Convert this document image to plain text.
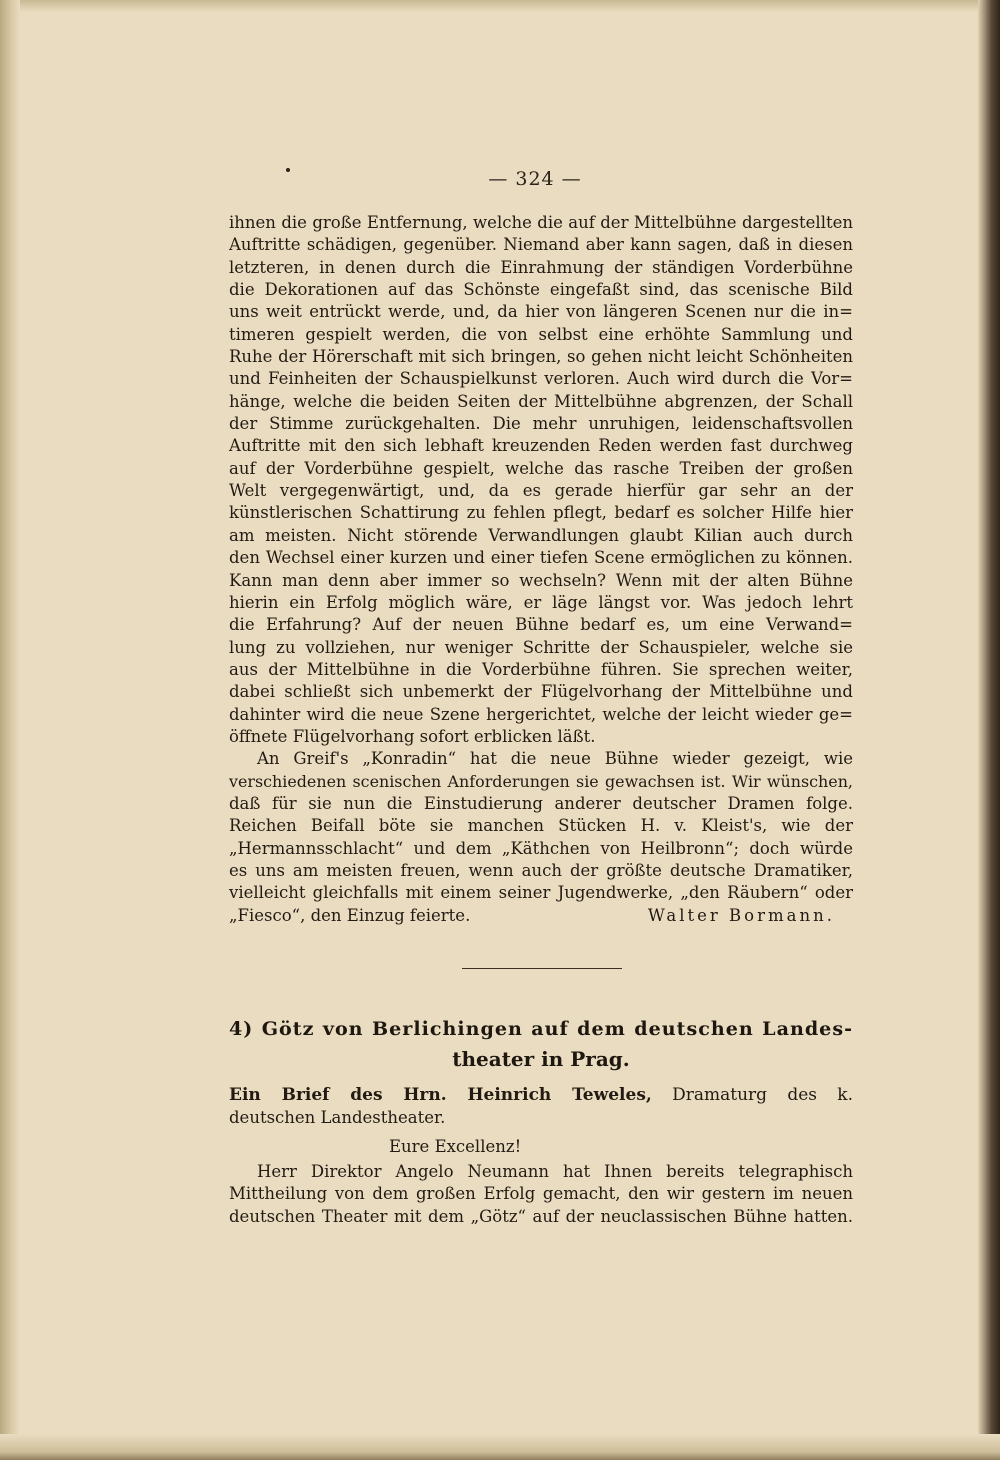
— 324 —
ihnen die große Entfernung, welche die auf der Mittelbühne dargestellten
Auftritte schädigen, gegenüber. Niemand aber kann sagen, daß in diesen
letzteren, in denen durch die Einrahmung der ständigen Vorderbühne
die Dekorationen auf das Schönste eingefaßt sind, das scenische Bild
uns weit entrückt werde, und, da hier von längeren Scenen nur die in=
timeren gespielt werden, die von selbst eine erhöhte Sammlung und
Ruhe der Hörerschaft mit sich bringen, so gehen nicht leicht Schönheiten
und Feinheiten der Schauspielkunst verloren. Auch wird durch die Vor=
hänge, welche die beiden Seiten der Mittelbühne abgrenzen, der Schall
der Stimme zurückgehalten. Die mehr unruhigen, leidenschaftsvollen
Auftritte mit den sich lebhaft kreuzenden Reden werden fast durchweg
auf der Vorderbühne gespielt, welche das rasche Treiben der großen
Welt vergegenwärtigt, und, da es gerade hierfür gar sehr an der
künstlerischen Schattirung zu fehlen pflegt, bedarf es solcher Hilfe hier
am meisten. Nicht störende Verwandlungen glaubt Kilian auch durch
den Wechsel einer kurzen und einer tiefen Scene ermöglichen zu können.
Kann man denn aber immer so wechseln? Wenn mit der alten Bühne
hierin ein Erfolg möglich wäre, er läge längst vor. Was jedoch lehrt
die Erfahrung? Auf der neuen Bühne bedarf es, um eine Verwand=
lung zu vollziehen, nur weniger Schritte der Schauspieler, welche sie
aus der Mittelbühne in die Vorderbühne führen. Sie sprechen weiter,
dabei schließt sich unbemerkt der Flügelvorhang der Mittelbühne und
dahinter wird die neue Szene hergerichtet, welche der leicht wieder ge=
öffnete Flügelvorhang sofort erblicken läßt.
An Greif's „Konradin“ hat die neue Bühne wieder gezeigt, wie
verschiedenen scenischen Anforderungen sie gewachsen ist. Wir wünschen,
daß für sie nun die Einstudierung anderer deutscher Dramen folge.
Reichen Beifall böte sie manchen Stücken H. v. Kleist's, wie der
„Hermannsschlacht“ und dem „Käthchen von Heilbronn“; doch würde
es uns am meisten freuen, wenn auch der größte deutsche Dramatiker,
vielleicht gleichfalls mit einem seiner Jugendwerke, „den Räubern“ oder
„Fiesco“, den Einzug feierte.	Walter Bormann.
4) Götz von Berlichingen auf dem deutschen Landes-
theater in Prag.
Ein Brief des Hrn. Heinrich Teweles, Dramaturg des k.
deutschen Landestheater.
Eure Excellenz!
Herr Direktor Angelo Neumann hat Ihnen bereits telegraphisch
Mittheilung von dem großen Erfolg gemacht, den wir gestern im neuen
deutschen Theater mit dem „Götz“ auf der neuclassischen Bühne hatten.
